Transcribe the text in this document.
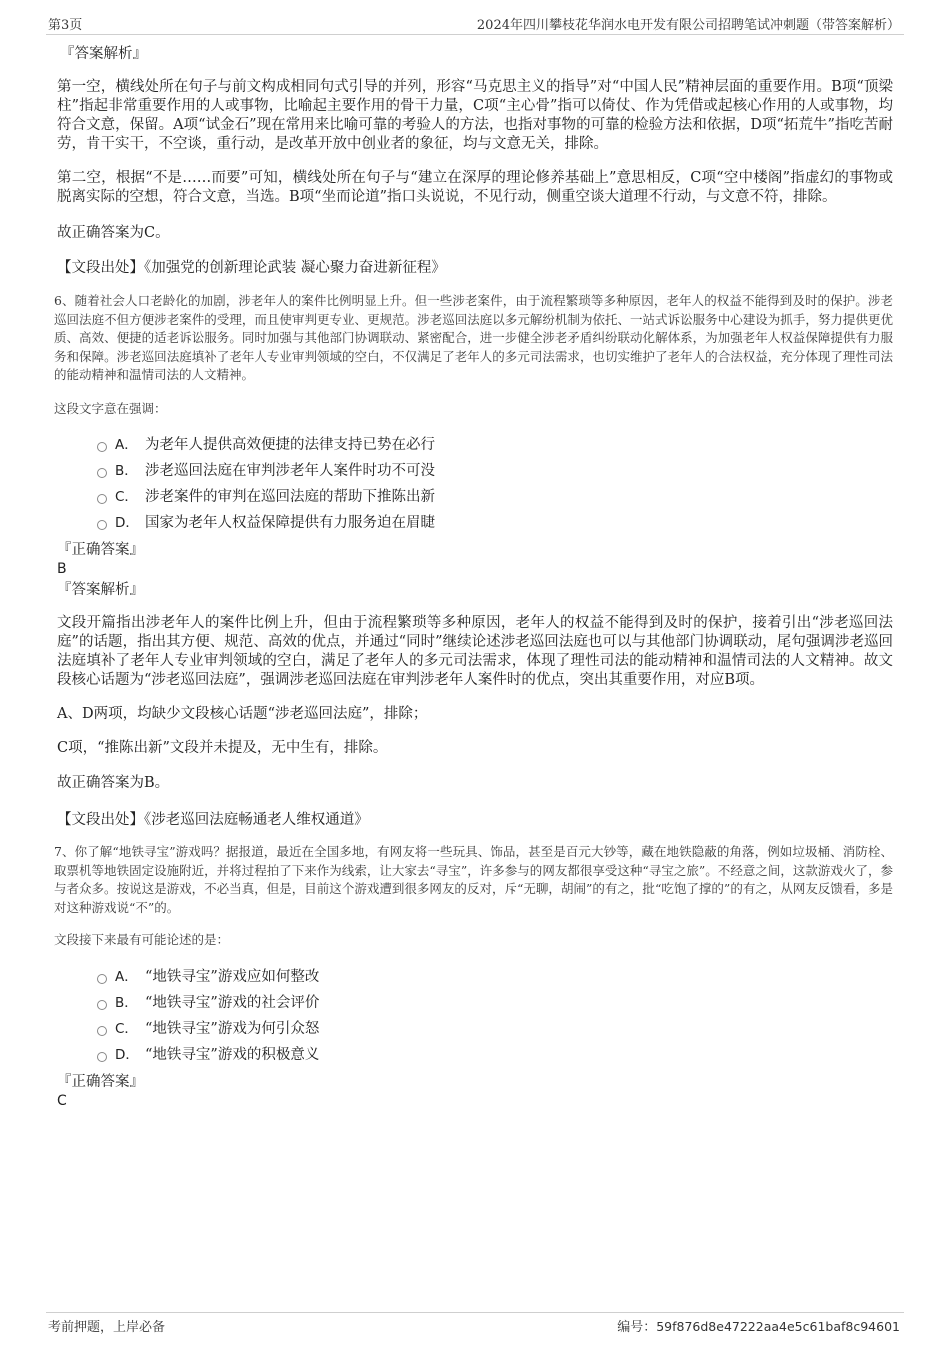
第3页	2024年四川攀枝花华润水电开发有限公司招聘笔试冲刺题（带答案解析）

『答案解析』

第一空，横线处所在句子与前文构成相同句式引导的并列，形容“马克思主义的指导”对“中国人民”精神层面的重要作用。B项“顶梁柱”指起非常重要作用的人或事物，比喻起主要作用的骨干力量，C项“主心骨”指可以倚仗、作为凭借或起核心作用的人或事物，均符合文意，保留。A项“试金石”现在常用来比喻可靠的考验人的方法，也指对事物的可靠的检验方法和依据，D项“拓荒牛”指吃苦耐劳，肯干实干，不空谈，重行动，是改革开放中创业者的象征，均与文意无关，排除。

第二空，根据“不是……而要”可知，横线处所在句子与“建立在深厚的理论修养基础上”意思相反，C项“空中楼阁”指虚幻的事物或脱离实际的空想，符合文意，当选。B项“坐而论道”指口头说说，不见行动，侧重空谈大道理不行动，与文意不符，排除。

故正确答案为C。

【文段出处】《加强党的创新理论武装 凝心聚力奋进新征程》

6、随着社会人口老龄化的加剧，涉老年人的案件比例明显上升。但一些涉老案件，由于流程繁琐等多种原因，老年人的权益不能得到及时的保护。涉老巡回法庭不但方便涉老案件的受理，而且使审判更专业、更规范。涉老巡回法庭以多元解纷机制为依托、一站式诉讼服务中心建设为抓手，努力提供更优质、高效、便捷的适老诉讼服务。同时加强与其他部门协调联动、紧密配合，进一步健全涉老矛盾纠纷联动化解体系，为加强老年人权益保障提供有力服务和保障。涉老巡回法庭填补了老年人专业审判领域的空白，不仅满足了老年人的多元司法需求，也切实维护了老年人的合法权益，充分体现了理性司法的能动精神和温情司法的人文精神。

这段文字意在强调：

A． 为老年人提供高效便捷的法律支持已势在必行
B． 涉老巡回法庭在审判涉老年人案件时功不可没
C． 涉老案件的审判在巡回法庭的帮助下推陈出新
D． 国家为老年人权益保障提供有力服务迫在眉睫

『正确答案』

B

『答案解析』

文段开篇指出涉老年人的案件比例上升，但由于流程繁琐等多种原因，老年人的权益不能得到及时的保护，接着引出“涉老巡回法庭”的话题，指出其方便、规范、高效的优点，并通过“同时”继续论述涉老巡回法庭也可以与其他部门协调联动，尾句强调涉老巡回法庭填补了老年人专业审判领域的空白，满足了老年人的多元司法需求，体现了理性司法的能动精神和温情司法的人文精神。故文段核心话题为“涉老巡回法庭”，强调涉老巡回法庭在审判涉老年人案件时的优点，突出其重要作用，对应B项。

A、D两项，均缺少文段核心话题“涉老巡回法庭”，排除；

C项，“推陈出新”文段并未提及，无中生有，排除。

故正确答案为B。

【文段出处】《涉老巡回法庭畅通老人维权通道》

7、你了解“地铁寻宝”游戏吗？据报道，最近在全国多地，有网友将一些玩具、饰品，甚至是百元大钞等，藏在地铁隐蔽的角落，例如垃圾桶、消防栓、取票机等地铁固定设施附近，并将过程拍了下来作为线索，让大家去“寻宝”，许多参与的网友都很享受这种“寻宝之旅”。不经意之间，这款游戏火了，参与者众多。按说这是游戏，不必当真，但是，目前这个游戏遭到很多网友的反对，斥“无聊，胡闹”的有之，批“吃饱了撑的”的有之，从网友反馈看，多是对这种游戏说“不”的。

文段接下来最有可能论述的是：

A． “地铁寻宝”游戏应如何整改
B． “地铁寻宝”游戏的社会评价
C． “地铁寻宝”游戏为何引众怒
D． “地铁寻宝”游戏的积极意义

『正确答案』

C

考前押题，上岸必备	编号：59f876d8e47222aa4e5c61baf8c94601
